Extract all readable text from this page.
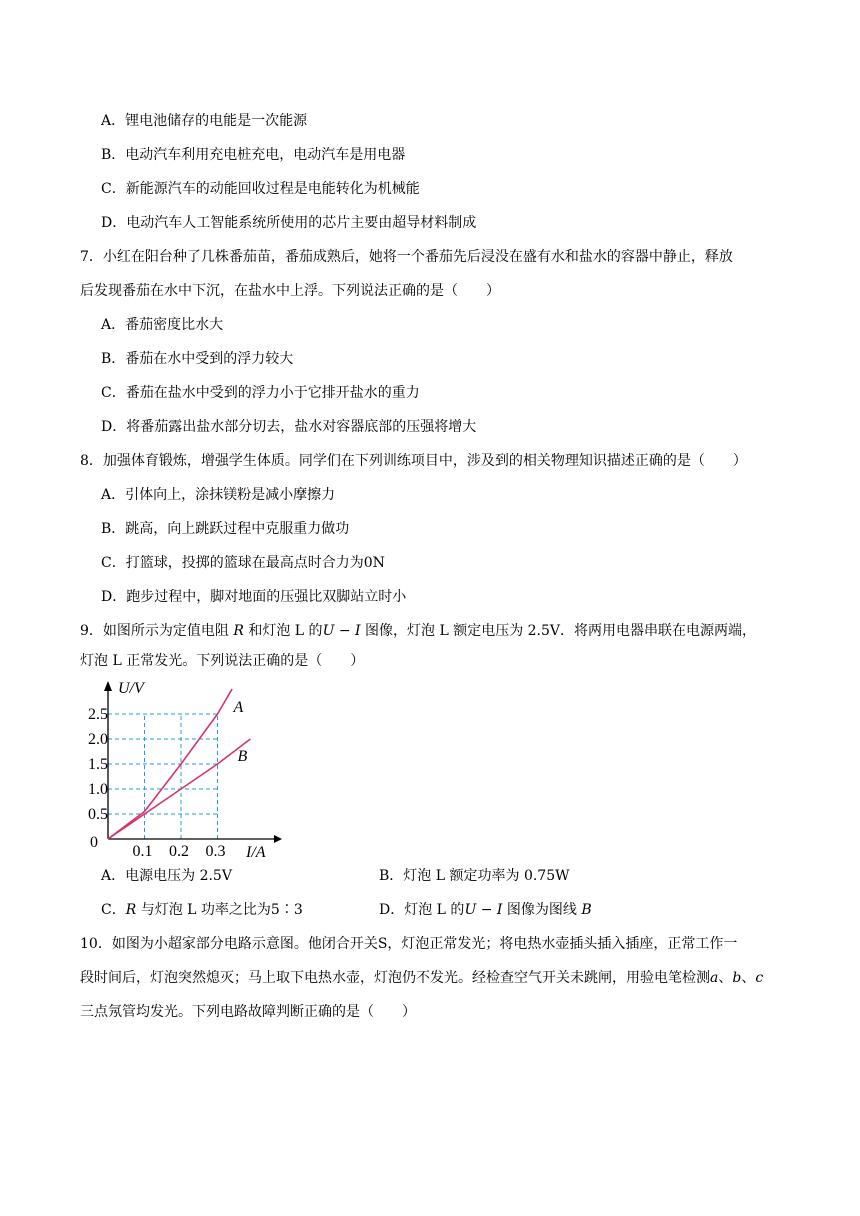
A．锂电池储存的电能是一次能源
B．电动汽车利用充电桩充电，电动汽车是用电器
C．新能源汽车的动能回收过程是电能转化为机械能
D．电动汽车人工智能系统所使用的芯片主要由超导材料制成
7．小红在阳台种了几株番茄苗，番茄成熟后，她将一个番茄先后浸没在盛有水和盐水的容器中静止，释放
后发现番茄在水中下沉，在盐水中上浮。下列说法正确的是（　　）
A．番茄密度比水大
B．番茄在水中受到的浮力较大
C．番茄在盐水中受到的浮力小于它排开盐水的重力
D．将番茄露出盐水部分切去，盐水对容器底部的压强将增大
8．加强体育锻炼，增强学生体质。同学们在下列训练项目中，涉及到的相关物理知识描述正确的是（　　）
A．引体向上，涂抹镁粉是减小摩擦力
B．跳高，向上跳跃过程中克服重力做功
C．打篮球，投掷的篮球在最高点时合力为0N
D．跑步过程中，脚对地面的压强比双脚站立时小
9．如图所示为定值电阻 R 和灯泡 L 的U − I 图像，灯泡 L 额定电压为 2.5V．将两用电器串联在电源两端，
灯泡 L 正常发光。下列说法正确的是（　　）
A
B
U/V
I/A
0
0.5
1.0
1.5
2.0
2.5
0.1 0.2 0.3
A．电源电压为 2.5V	B．灯泡 L 额定功率为 0.75W
C．R 与灯泡 L 功率之比为5∶3	D．灯泡 L 的U − I 图像为图线 B
10．如图为小超家部分电路示意图。他闭合开关S，灯泡正常发光；将电热水壶插头插入插座，正常工作一
段时间后，灯泡突然熄灭；马上取下电热水壶，灯泡仍不发光。经检查空气开关未跳闸，用验电笔检测a、b、c
三点氖管均发光。下列电路故障判断正确的是（　　）
